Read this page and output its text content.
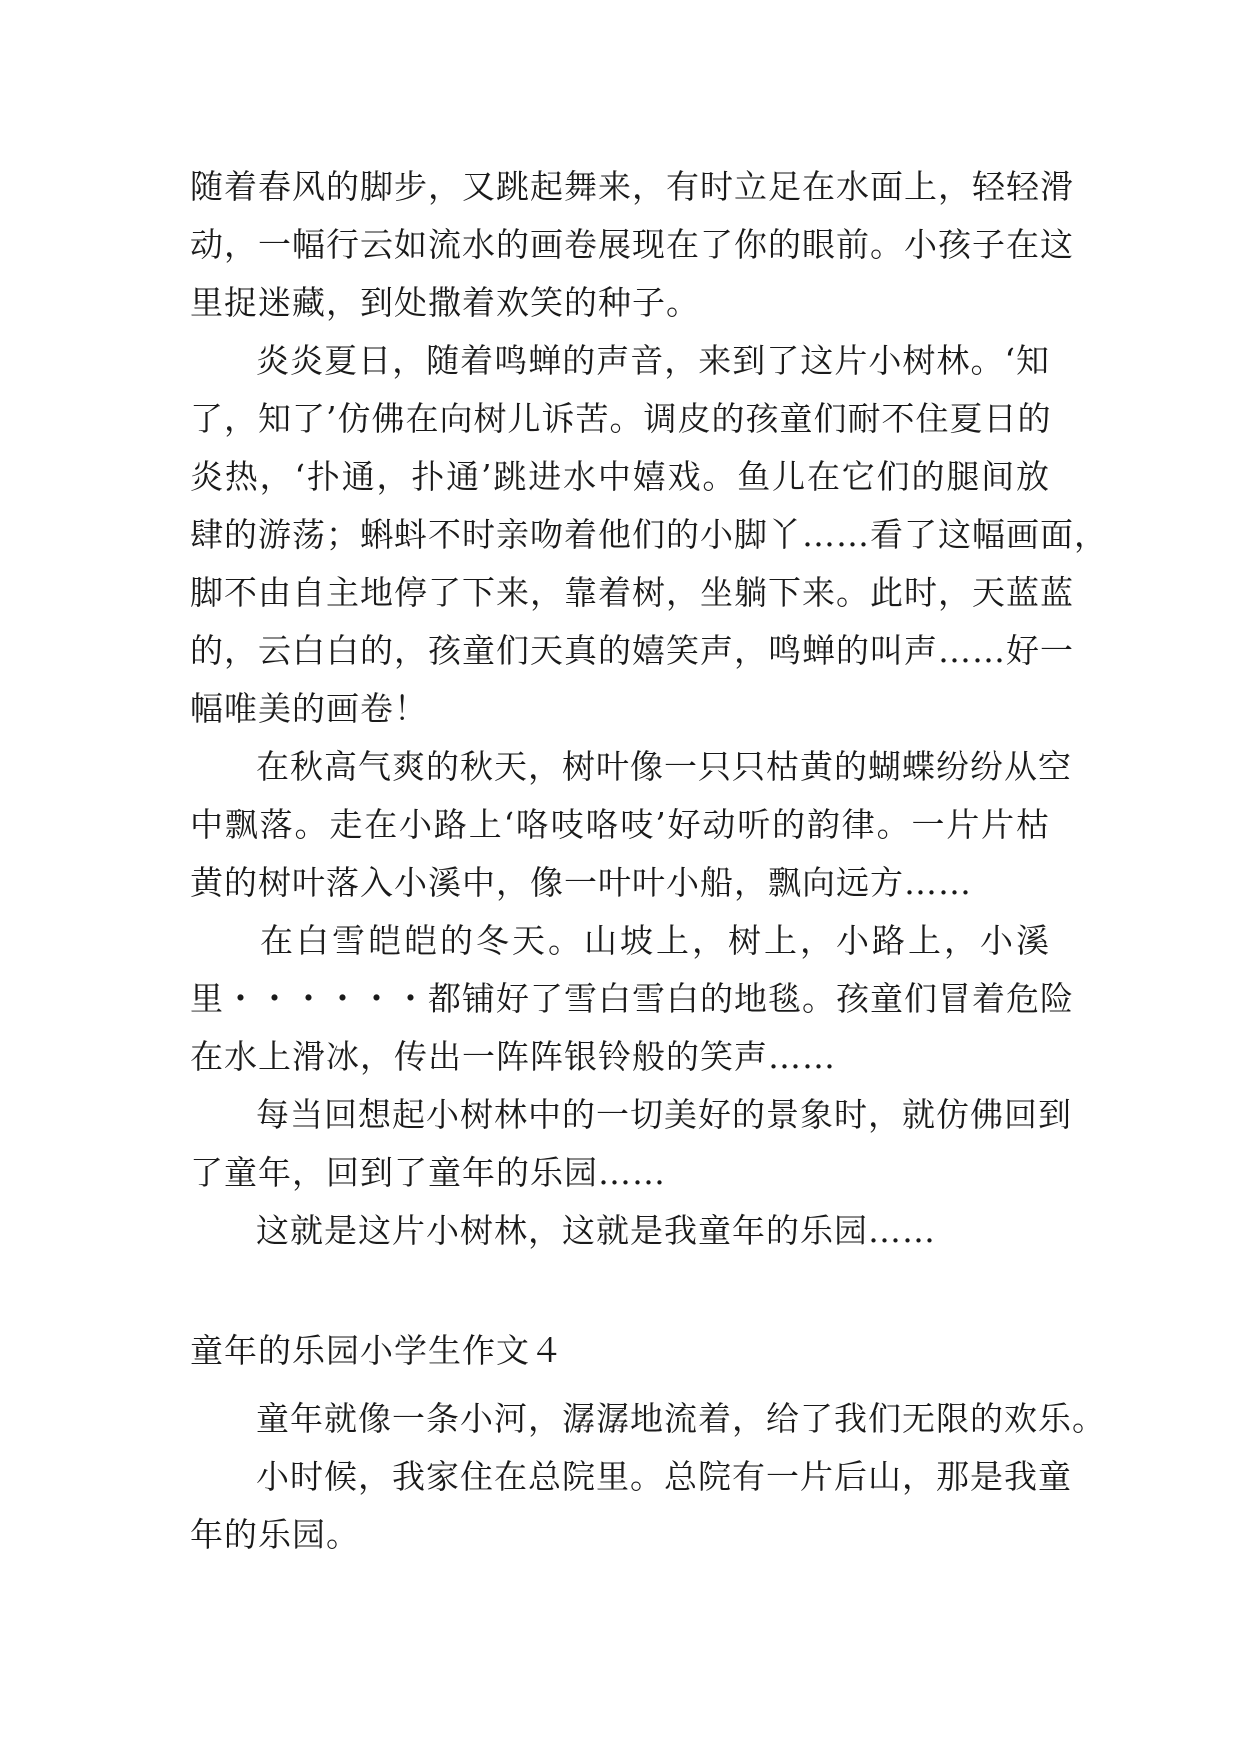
随着春风的脚步，又跳起舞来，有时立足在水面上，轻轻滑
动，一幅行云如流水的画卷展现在了你的眼前。小孩子在这
里捉迷藏，到处撒着欢笑的种子。
炎炎夏日，随着鸣蝉的声音，来到了这片小树林。‘知
了，知了’仿佛在向树儿诉苦。调皮的孩童们耐不住夏日的
炎热，‘扑通，扑通’跳进水中嬉戏。鱼儿在它们的腿间放
肆的游荡；蝌蚪不时亲吻着他们的小脚丫……看了这幅画面，
脚不由自主地停了下来，靠着树，坐躺下来。此时，天蓝蓝
的，云白白的，孩童们天真的嬉笑声，鸣蝉的叫声……好一
幅唯美的画卷！
在秋高气爽的秋天，树叶像一只只枯黄的蝴蝶纷纷从空
中飘落。走在小路上‘咯吱咯吱’好动听的韵律。一片片枯
黄的树叶落入小溪中，像一叶叶小船，飘向远方……
在白雪皑皑的冬天。山坡上，树上，小路上，小溪
里・・・・・・都铺好了雪白雪白的地毯。孩童们冒着危险
在水上滑冰，传出一阵阵银铃般的笑声……
每当回想起小树林中的一切美好的景象时，就仿佛回到
了童年，回到了童年的乐园……
这就是这片小树林，这就是我童年的乐园……
童年的乐园小学生作文４
童年就像一条小河，潺潺地流着，给了我们无限的欢乐。
小时候，我家住在总院里。总院有一片后山，那是我童
年的乐园。
